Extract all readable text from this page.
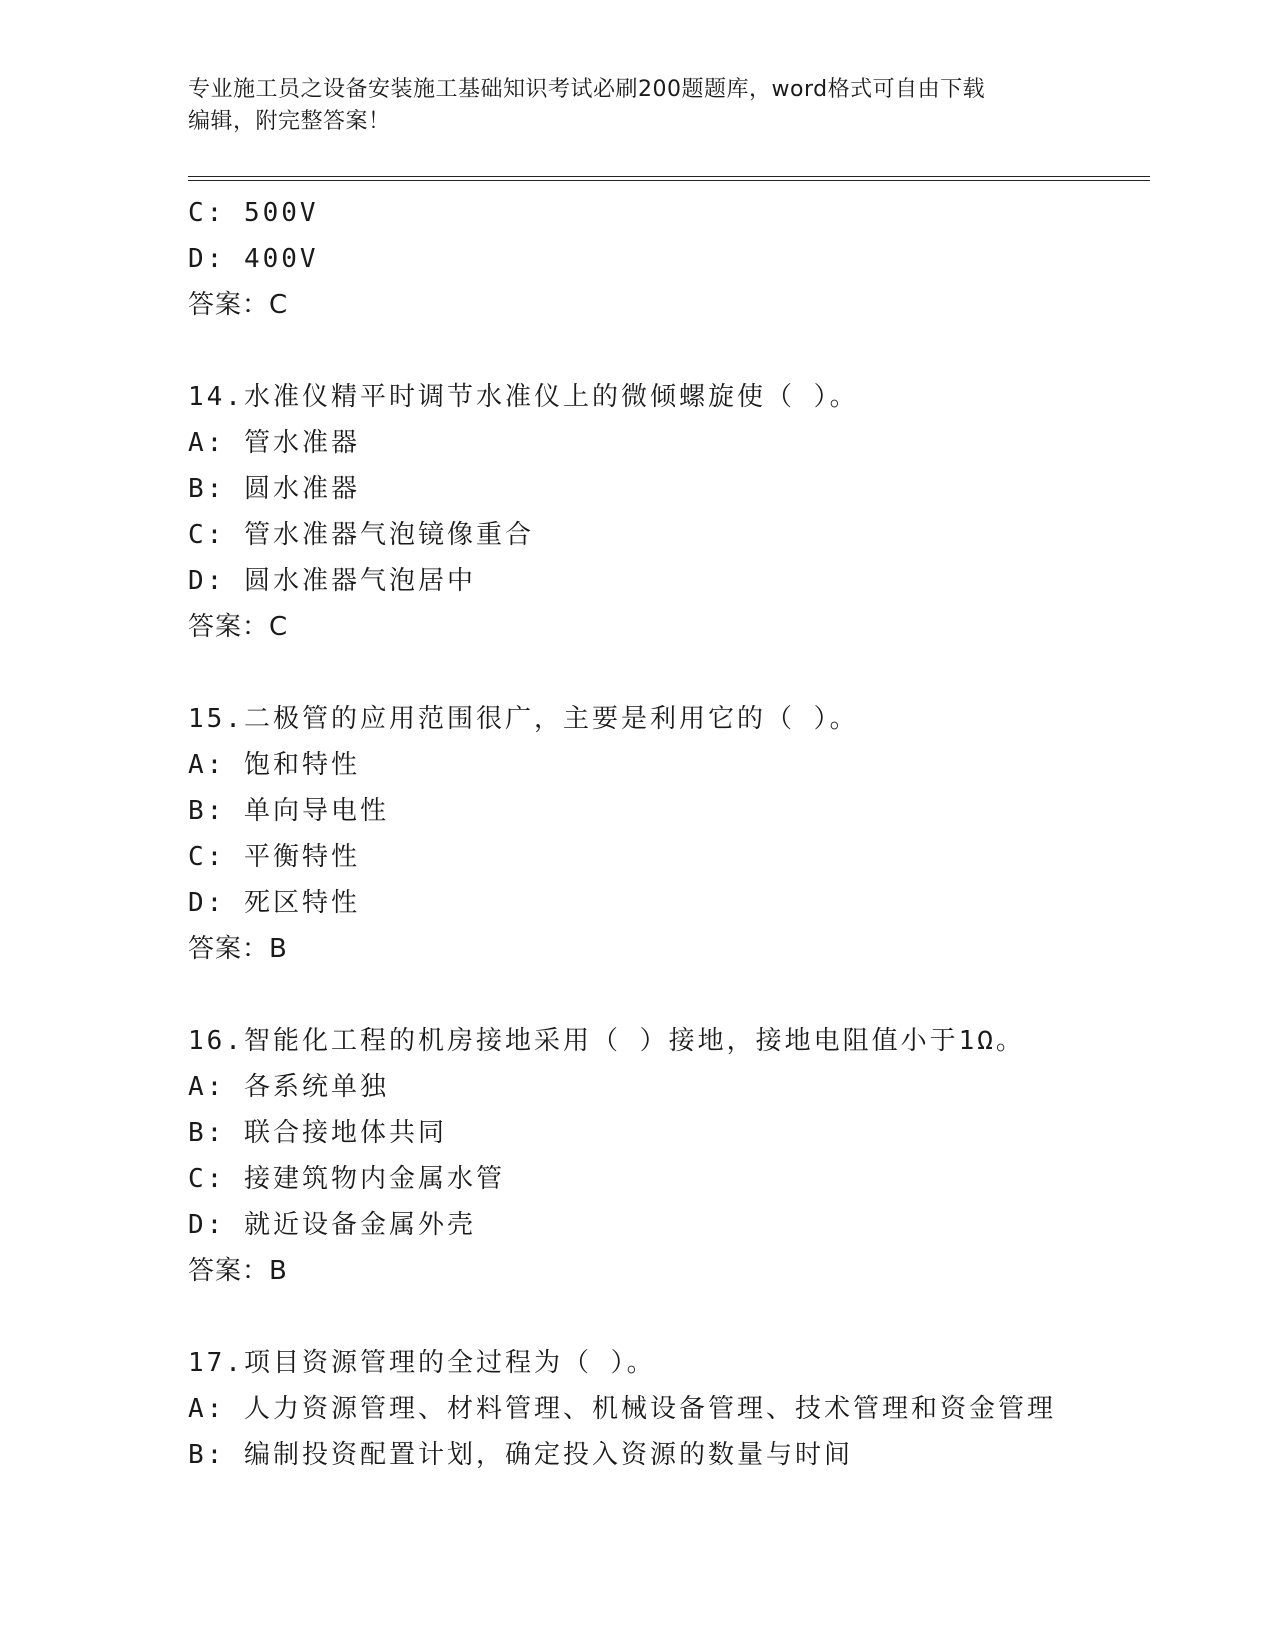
专业施工员之设备安装施工基础知识考试必刷200题题库，word格式可自由下载
编辑，附完整答案！
C: 500V
D: 400V
答案：C
14.水准仪精平时调节水准仪上的微倾螺旋使（ ）。
A: 管水准器
B: 圆水准器
C: 管水准器气泡镜像重合
D: 圆水准器气泡居中
答案：C
15.二极管的应用范围很广，主要是利用它的（ ）。
A: 饱和特性
B: 单向导电性
C: 平衡特性
D: 死区特性
答案：B
16.智能化工程的机房接地采用（ ）接地，接地电阻值小于1Ω。
A: 各系统单独
B: 联合接地体共同
C: 接建筑物内金属水管
D: 就近设备金属外壳
答案：B
17.项目资源管理的全过程为（ ）。
A: 人力资源管理、材料管理、机械设备管理、技术管理和资金管理
B: 编制投资配置计划，确定投入资源的数量与时间
